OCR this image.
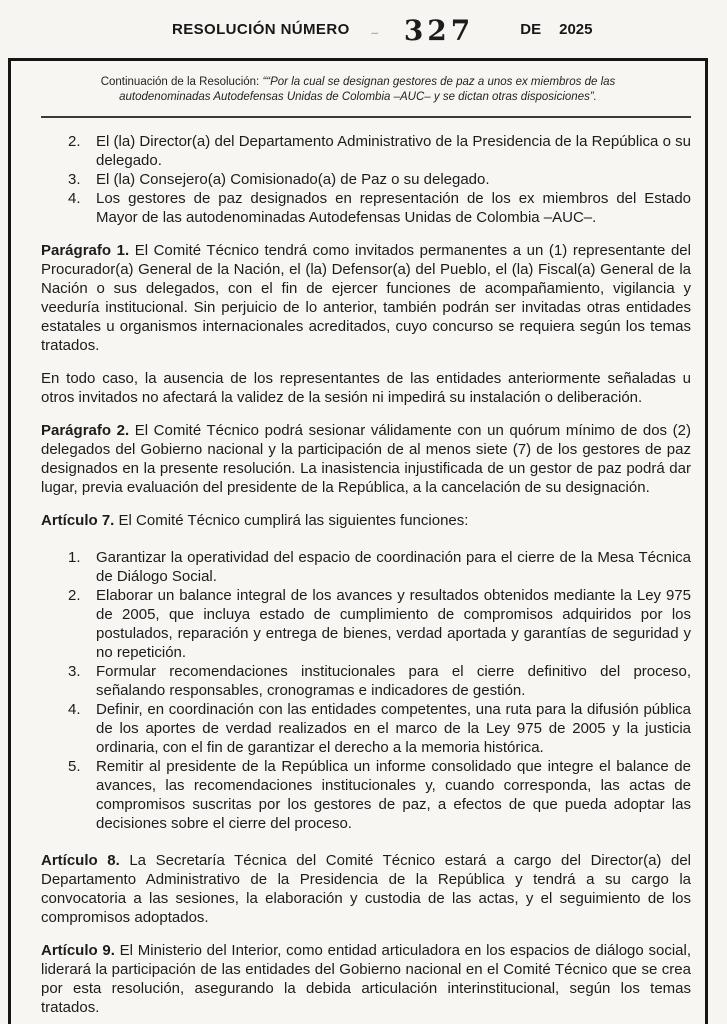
RESOLUCIÓN NÚMERO ~ 327	DE 2025
Continuación de la Resolución: ““Por la cual se designan gestores de paz a unos ex miembros de las autodenominadas Autodefensas Unidas de Colombia –AUC– y se dictan otras disposiciones”.
2.	El (la) Director(a) del Departamento Administrativo de la Presidencia de la República o su delegado.
3.	El (la) Consejero(a) Comisionado(a) de Paz o su delegado.
4.	Los gestores de paz designados en representación de los ex miembros del Estado Mayor de las autodenominadas Autodefensas Unidas de Colombia –AUC–.

Parágrafo 1. El Comité Técnico tendrá como invitados permanentes a un (1) representante del Procurador(a) General de la Nación, el (la) Defensor(a) del Pueblo, el (la) Fiscal(a) General de la Nación o sus delegados, con el fin de ejercer funciones de acompañamiento, vigilancia y veeduría institucional. Sin perjuicio de lo anterior, también podrán ser invitadas otras entidades estatales u organismos internacionales acreditados, cuyo concurso se requiera según los temas tratados.

En todo caso, la ausencia de los representantes de las entidades anteriormente señaladas u otros invitados no afectará la validez de la sesión ni impedirá su instalación o deliberación.

Parágrafo 2. El Comité Técnico podrá sesionar válidamente con un quórum mínimo de dos (2) delegados del Gobierno nacional y la participación de al menos siete (7) de los gestores de paz designados en la presente resolución. La inasistencia injustificada de un gestor de paz podrá dar lugar, previa evaluación del presidente de la República, a la cancelación de su designación.

Artículo 7. El Comité Técnico cumplirá las siguientes funciones:

1.	Garantizar la operatividad del espacio de coordinación para el cierre de la Mesa Técnica de Diálogo Social.
2.	Elaborar un balance integral de los avances y resultados obtenidos mediante la Ley 975 de 2005, que incluya estado de cumplimiento de compromisos adquiridos por los postulados, reparación y entrega de bienes, verdad aportada y garantías de seguridad y no repetición.
3.	Formular recomendaciones institucionales para el cierre definitivo del proceso, señalando responsables, cronogramas e indicadores de gestión.
4.	Definir, en coordinación con las entidades competentes, una ruta para la difusión pública de los aportes de verdad realizados en el marco de la Ley 975 de 2005 y la justicia ordinaria, con el fin de garantizar el derecho a la memoria histórica.
5.	Remitir al presidente de la República un informe consolidado que integre el balance de avances, las recomendaciones institucionales y, cuando corresponda, las actas de compromisos suscritas por los gestores de paz, a efectos de que pueda adoptar las decisiones sobre el cierre del proceso.

Artículo 8. La Secretaría Técnica del Comité Técnico estará a cargo del Director(a) del Departamento Administrativo de la Presidencia de la República y tendrá a su cargo la convocatoria a las sesiones, la elaboración y custodia de las actas, y el seguimiento de los compromisos adoptados.

Artículo 9. El Ministerio del Interior, como entidad articuladora en los espacios de diálogo social, liderará la participación de las entidades del Gobierno nacional en el Comité Técnico que se crea por esta resolución, asegurando la debida articulación interinstitucional, según los temas tratados.
